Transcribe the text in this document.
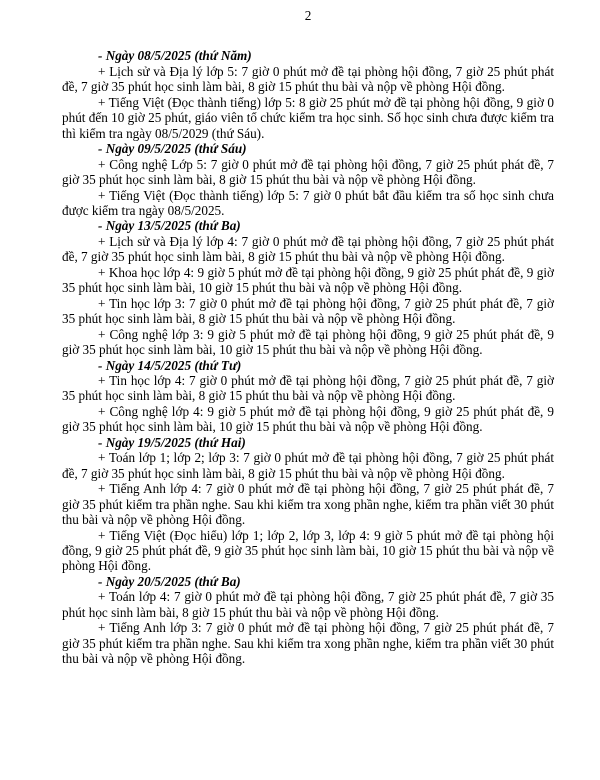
2

- Ngày 08/5/2025 (thứ Năm)

+ Lịch sử và Địa lý lớp 5: 7 giờ 0 phút mở đề tại phòng hội đồng, 7 giờ 25 phút phát đề, 7 giờ 35 phút học sinh làm bài, 8 giờ 15 phút thu bài và nộp về phòng Hội đồng.

+ Tiếng Việt (Đọc thành tiếng) lớp 5: 8 giờ 25 phút mở đề tại phòng hội đồng, 9 giờ 0 phút đến 10 giờ 25 phút, giáo viên tổ chức kiểm tra học sinh. Số học sinh chưa được kiểm tra thì kiểm tra ngày 08/5/2029 (thứ Sáu).

- Ngày 09/5/2025 (thứ Sáu)

+ Công nghệ Lớp 5: 7 giờ 0 phút mở đề tại phòng hội đồng, 7 giờ 25 phút phát đề, 7 giờ 35 phút học sinh làm bài, 8 giờ 15 phút thu bài và nộp về phòng Hội đồng.

+ Tiếng Việt (Đọc thành tiếng) lớp 5: 7 giờ 0 phút bắt đầu kiểm tra số học sinh chưa được kiểm tra ngày 08/5/2025.

- Ngày 13/5/2025 (thứ Ba)

+ Lịch sử và Địa lý lớp 4: 7 giờ 0 phút mở đề tại phòng hội đồng, 7 giờ 25 phút phát đề, 7 giờ 35 phút học sinh làm bài, 8 giờ 15 phút thu bài và nộp về phòng Hội đồng.

+ Khoa học lớp 4: 9 giờ 5 phút mở đề tại phòng hội đồng, 9 giờ 25 phút phát đề, 9 giờ 35 phút học sinh làm bài, 10 giờ 15 phút thu bài và nộp về phòng Hội đồng.

+ Tin học lớp 3: 7 giờ 0 phút mở đề tại phòng hội đồng, 7 giờ 25 phút phát đề, 7 giờ 35 phút học sinh làm bài, 8 giờ 15 phút thu bài và nộp về phòng Hội đồng.

+ Công nghệ lớp 3: 9 giờ 5 phút mở đề tại phòng hội đồng, 9 giờ 25 phút phát đề, 9 giờ 35 phút học sinh làm bài, 10 giờ 15 phút thu bài và nộp về phòng Hội đồng.

- Ngày 14/5/2025 (thứ Tư)

+ Tin học lớp 4: 7 giờ 0 phút mở đề tại phòng hội đồng, 7 giờ 25 phút phát đề, 7 giờ 35 phút học sinh làm bài, 8 giờ 15 phút thu bài và nộp về phòng Hội đồng.

+ Công nghệ lớp 4: 9 giờ 5 phút mở đề tại phòng hội đồng, 9 giờ 25 phút phát đề, 9 giờ 35 phút học sinh làm bài, 10 giờ 15 phút thu bài và nộp về phòng Hội đồng.

- Ngày 19/5/2025 (thứ Hai)

+ Toán lớp 1; lớp 2; lớp 3: 7 giờ 0 phút mở đề tại phòng hội đồng, 7 giờ 25 phút phát đề, 7 giờ 35 phút học sinh làm bài, 8 giờ 15 phút thu bài và nộp về phòng Hội đồng.

+ Tiếng Anh lớp 4: 7 giờ 0 phút mở đề tại phòng hội đồng, 7 giờ 25 phút phát đề, 7 giờ 35 phút kiểm tra phần nghe. Sau khi kiểm tra xong phần nghe, kiểm tra phần viết 30 phút thu bài và nộp về phòng Hội đồng.

+ Tiếng Việt (Đọc hiểu) lớp 1; lớp 2, lớp 3, lớp 4: 9 giờ 5 phút mở đề tại phòng hội đồng, 9 giờ 25 phút phát đề, 9 giờ 35 phút học sinh làm bài, 10 giờ 15 phút thu bài và nộp về phòng Hội đồng.

- Ngày 20/5/2025 (thứ Ba)

+ Toán lớp 4: 7 giờ 0 phút mở đề tại phòng hội đồng, 7 giờ 25 phút phát đề, 7 giờ 35 phút học sinh làm bài, 8 giờ 15 phút thu bài và nộp về phòng Hội đồng.

+ Tiếng Anh lớp 3: 7 giờ 0 phút mở đề tại phòng hội đồng, 7 giờ 25 phút phát đề, 7 giờ 35 phút kiểm tra phần nghe. Sau khi kiểm tra xong phần nghe, kiểm tra phần viết 30 phút thu bài và nộp về phòng Hội đồng.
